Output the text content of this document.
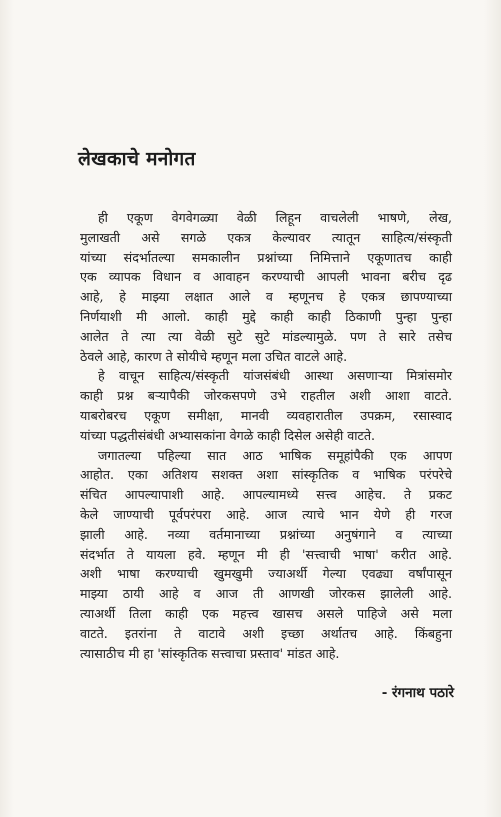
लेखकाचे मनोगत
ही एकूण वेगवेगळ्या वेळी लिहून वाचलेली भाषणे, लेख,
मुलाखती असे सगळे एकत्र केल्यावर त्यातून साहित्य/संस्कृती
यांच्या संदर्भातल्या समकालीन प्रश्नांच्या निमित्ताने एकूणातच काही
एक व्यापक विधान व आवाहन करण्याची आपली भावना बरीच दृढ
आहे, हे माझ्या लक्षात आले व म्हणूनच हे एकत्र छापण्याच्या
निर्णयाशी मी आलो. काही मुद्दे काही काही ठिकाणी पुन्हा पुन्हा
आलेत ते त्या त्या वेळी सुटे सुटे मांडल्यामुळे. पण ते सारे तसेच
ठेवले आहे, कारण ते सोयीचे म्हणून मला उचित वाटले आहे.
हे वाचून साहित्य/संस्कृती यांजसंबंधी आस्था असणाऱ्या मित्रांसमोर
काही प्रश्न बऱ्यापैकी जोरकसपणे उभे राहतील अशी आशा वाटते.
याबरोबरच एकूण समीक्षा, मानवी व्यवहारातील उपक्रम, रसास्वाद
यांच्या पद्धतीसंबंधी अभ्यासकांना वेगळे काही दिसेल असेही वाटते.
जगातल्या पहिल्या सात आठ भाषिक समूहांपैकी एक आपण
आहोत. एका अतिशय सशक्त अशा सांस्कृतिक व भाषिक परंपरेचे
संचित आपल्यापाशी आहे. आपल्यामध्ये सत्त्व आहेच. ते प्रकट
केले जाण्याची पूर्वपरंपरा आहे. आज त्याचे भान येणे ही गरज
झाली आहे. नव्या वर्तमानाच्या प्रश्नांच्या अनुषंगाने व त्याच्या
संदर्भात ते यायला हवे. म्हणून मी ही 'सत्त्वाची भाषा' करीत आहे.
अशी भाषा करण्याची खुमखुमी ज्याअर्थी गेल्या एवढ्या वर्षांपासून
माझ्या ठायी आहे व आज ती आणखी जोरकस झालेली आहे.
त्याअर्थी तिला काही एक महत्त्व खासच असले पाहिजे असे मला
वाटते. इतरांना ते वाटावे अशी इच्छा अर्थातच आहे. किंबहुना
त्यासाठीच मी हा 'सांस्कृतिक सत्त्वाचा प्रस्ताव' मांडत आहे.
- रंगनाथ पठारे
